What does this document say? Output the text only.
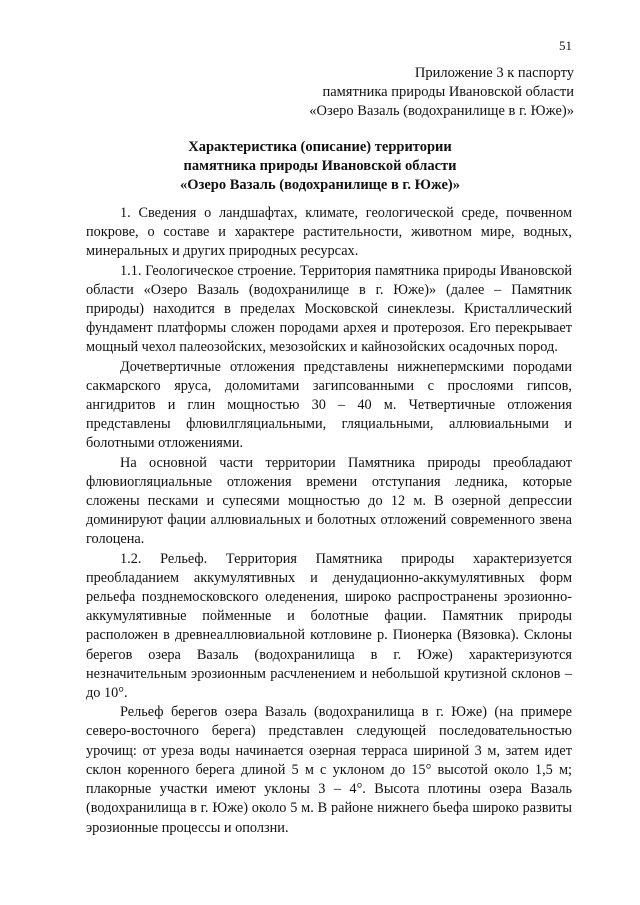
51
Приложение 3 к паспорту
памятника природы Ивановской области
«Озеро Вазаль (водохранилище в г. Юже)»
Характеристика (описание) территории
памятника природы Ивановской области
«Озеро Вазаль (водохранилище в г. Юже)»

1. Сведения о ландшафтах, климате, геологической среде, почвенном покрове, о составе и характере растительности, животном мире, водных, минеральных и других природных ресурсах.

1.1. Геологическое строение. Территория памятника природы Ивановской области «Озеро Вазаль (водохранилище в г. Юже)» (далее – Памятник природы) находится в пределах Московской синеклезы. Кристаллический фундамент платформы сложен породами архея и протерозоя. Его перекрывает мощный чехол палеозойских, мезозойских и кайнозойских осадочных пород.

Дочетвертичные отложения представлены нижнепермскими породами сакмарского яруса, доломитами загипсованными с прослоями гипсов, ангидритов и глин мощностью 30 – 40 м. Четвертичные отложения представлены флювилгляциальными, гляциальными, аллювиальными и болотными отложениями.

На основной части территории Памятника природы преобладают флювиогляциальные отложения времени отступания ледника, которые сложены песками и супесями мощностью до 12 м. В озерной депрессии доминируют фации аллювиальных и болотных отложений современного звена голоцена.

1.2. Рельеф. Территория Памятника природы характеризуется преобладанием аккумулятивных и денудационно-аккумулятивных форм рельефа позднемосковского оледенения, широко распространены эрозионно-аккумулятивные пойменные и болотные фации. Памятник природы расположен в древнеаллювиальной котловине р. Пионерка (Вязовка). Склоны берегов озера Вазаль (водохранилища в г. Юже) характеризуются незначительным эрозионным расчленением и небольшой крутизной склонов – до 10°.

Рельеф берегов озера Вазаль (водохранилища в г. Юже) (на примере северо-восточного берега) представлен следующей последовательностью урочищ: от уреза воды начинается озерная терраса шириной 3 м, затем идет склон коренного берега длиной 5 м с уклоном до 15° высотой около 1,5 м; плакорные участки имеют уклоны 3 – 4°. Высота плотины озера Вазаль (водохранилища в г. Юже) около 5 м. В районе нижнего бьефа широко развиты эрозионные процессы и оползни.
